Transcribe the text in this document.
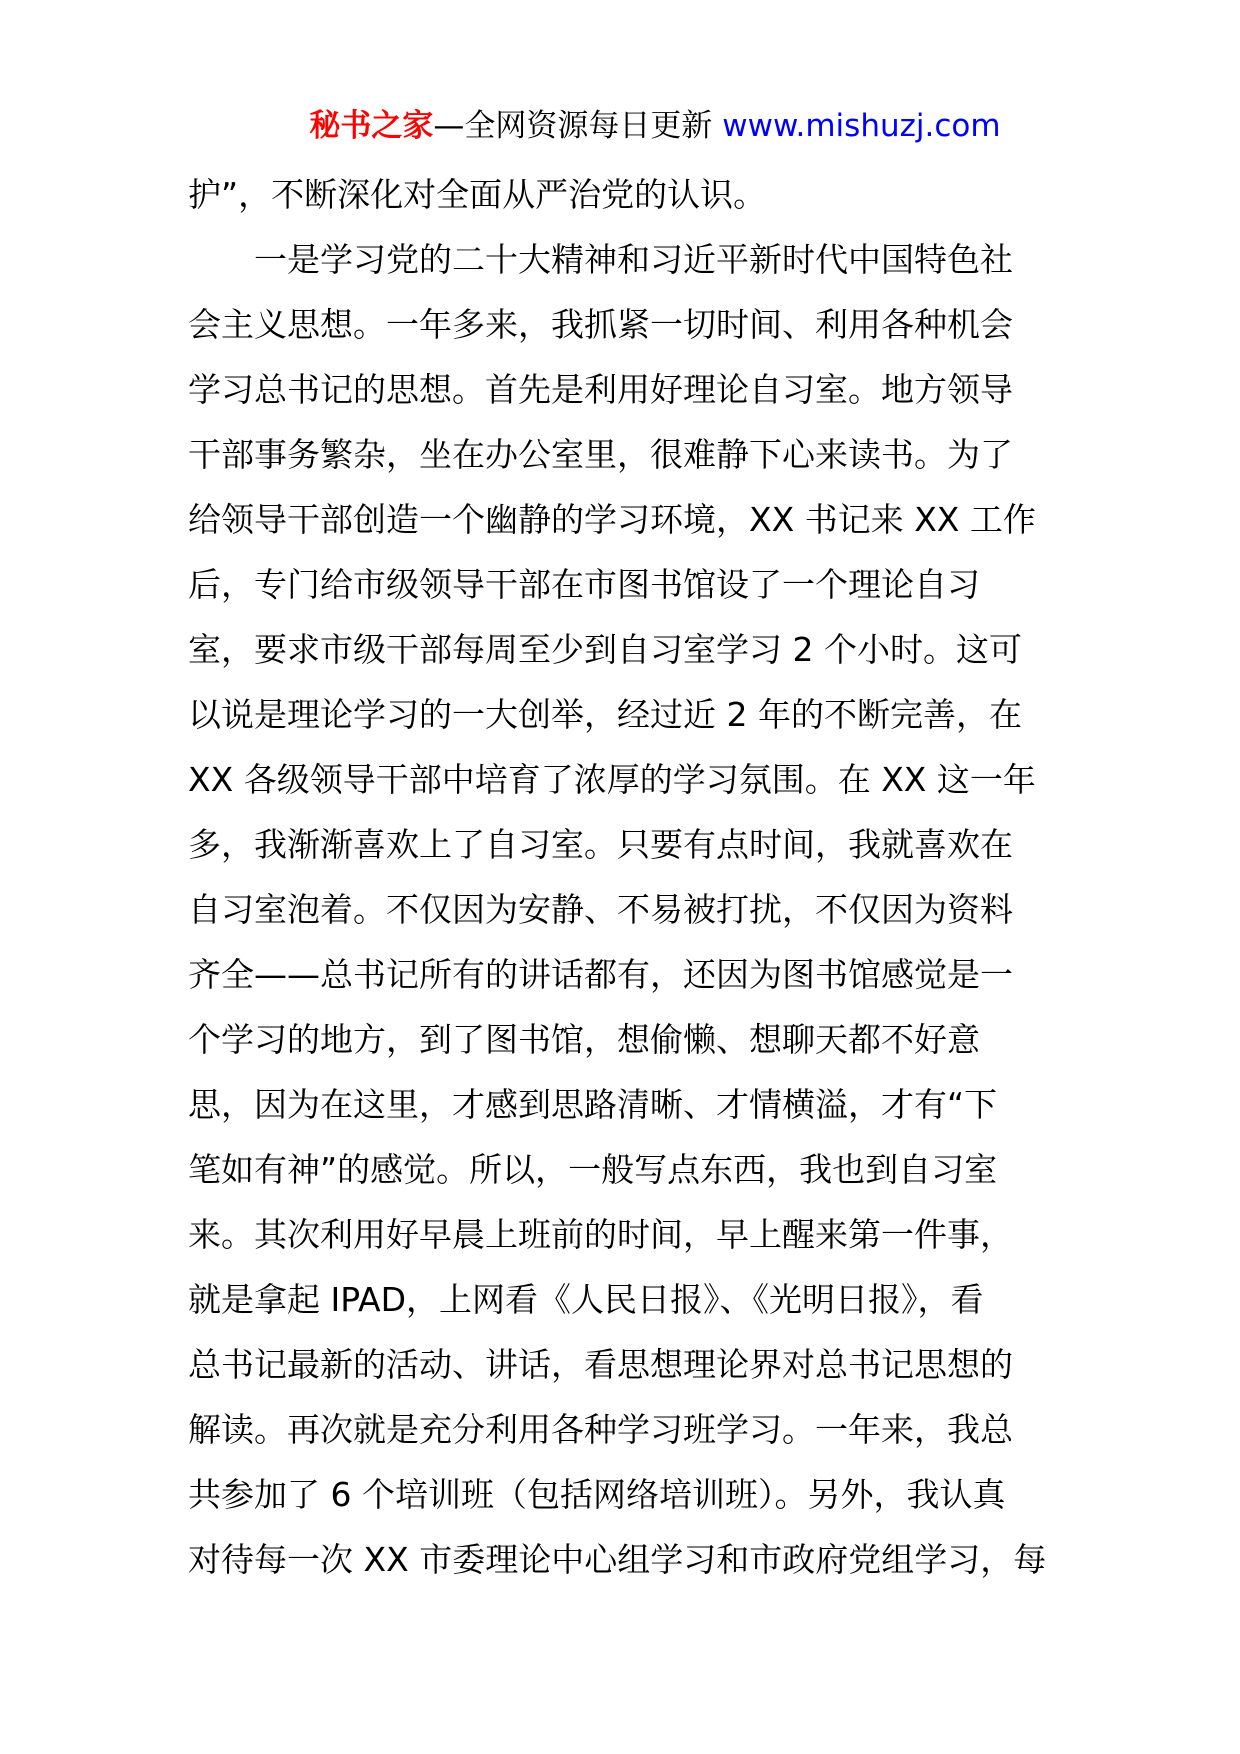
秘书之家—全网资源每日更新 www.mishuzj.com
护”，不断深化对全面从严治党的认识。
一是学习党的二十大精神和习近平新时代中国特色社
会主义思想。一年多来，我抓紧一切时间、利用各种机会
学习总书记的思想。首先是利用好理论自习室。地方领导
干部事务繁杂，坐在办公室里，很难静下心来读书。为了
给领导干部创造一个幽静的学习环境，XX 书记来 XX 工作
后，专门给市级领导干部在市图书馆设了一个理论自习
室，要求市级干部每周至少到自习室学习 2 个小时。这可
以说是理论学习的一大创举，经过近 2 年的不断完善，在
XX 各级领导干部中培育了浓厚的学习氛围。在 XX 这一年
多，我渐渐喜欢上了自习室。只要有点时间，我就喜欢在
自习室泡着。不仅因为安静、不易被打扰，不仅因为资料
齐全——总书记所有的讲话都有，还因为图书馆感觉是一
个学习的地方，到了图书馆，想偷懒、想聊天都不好意
思，因为在这里，才感到思路清晰、才情横溢，才有“下
笔如有神”的感觉。所以，一般写点东西，我也到自习室
来。其次利用好早晨上班前的时间，早上醒来第一件事，
就是拿起 IPAD，上网看《人民日报》、《光明日报》，看
总书记最新的活动、讲话，看思想理论界对总书记思想的
解读。再次就是充分利用各种学习班学习。一年来，我总
共参加了 6 个培训班（包括网络培训班）。另外，我认真
对待每一次 XX 市委理论中心组学习和市政府党组学习，每
